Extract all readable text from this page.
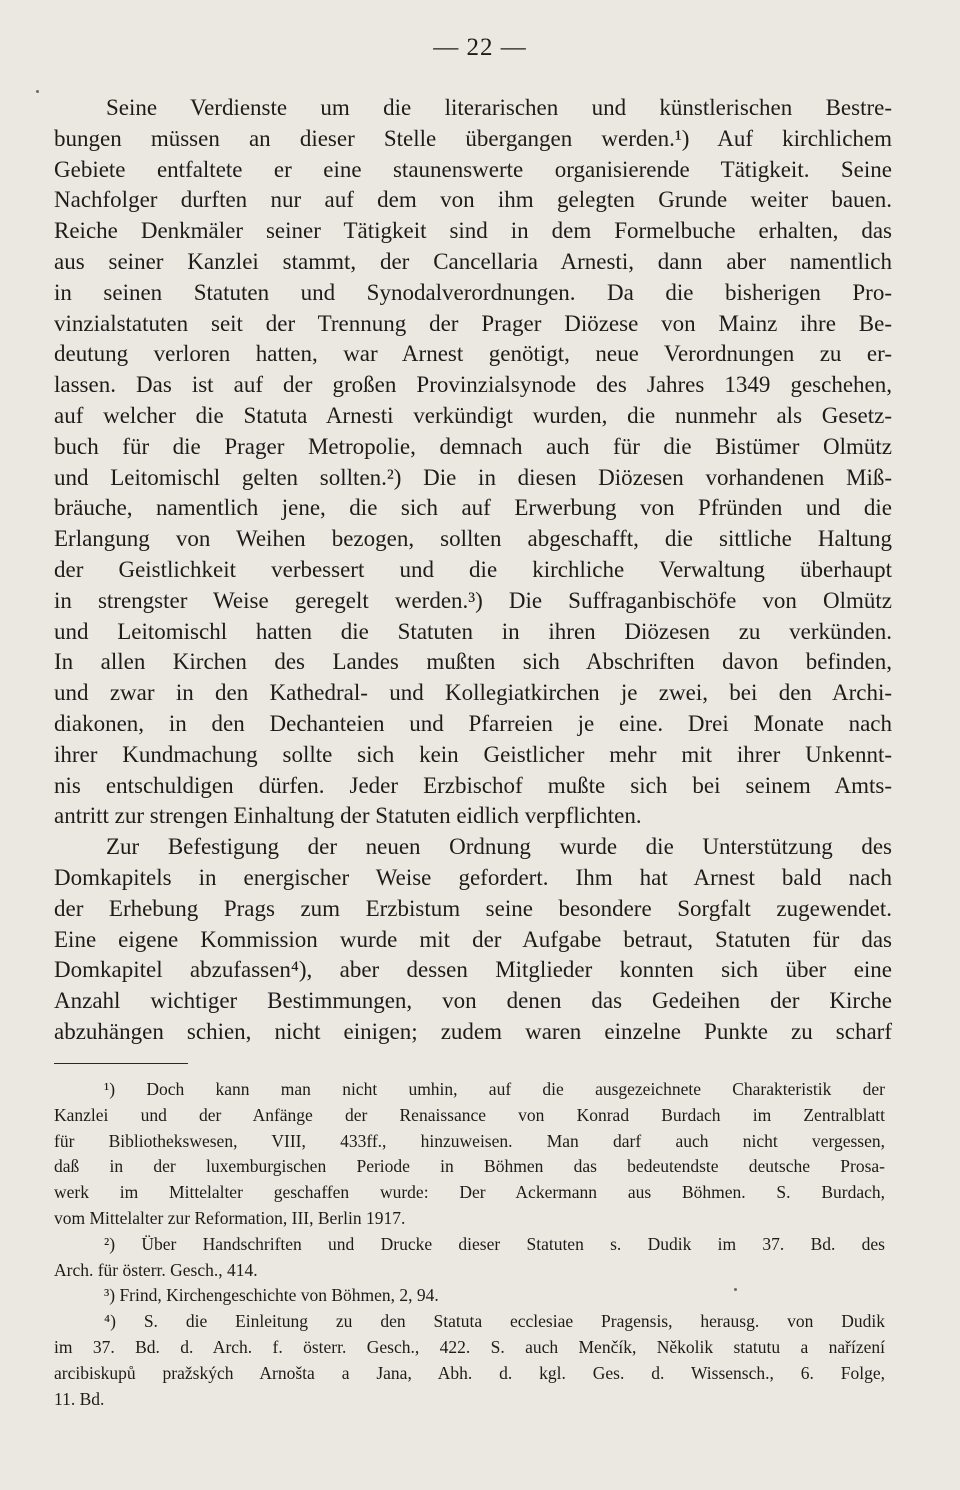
— 22 —
Seine Verdienste um die literarischen und künstlerischen Bestre-
bungen müssen an dieser Stelle übergangen werden.¹) Auf kirchlichem
Gebiete entfaltete er eine staunenswerte organisierende Tätigkeit. Seine
Nachfolger durften nur auf dem von ihm gelegten Grunde weiter bauen.
Reiche Denkmäler seiner Tätigkeit sind in dem Formelbuche erhalten, das
aus seiner Kanzlei stammt, der Cancellaria Arnesti, dann aber namentlich
in seinen Statuten und Synodalverordnungen. Da die bisherigen Pro-
vinzialstatuten seit der Trennung der Prager Diözese von Mainz ihre Be-
deutung verloren hatten, war Arnest genötigt, neue Verordnungen zu er-
lassen. Das ist auf der großen Provinzialsynode des Jahres 1349 geschehen,
auf welcher die Statuta Arnesti verkündigt wurden, die nunmehr als Gesetz-
buch für die Prager Metropolie, demnach auch für die Bistümer Olmütz
und Leitomischl gelten sollten.²) Die in diesen Diözesen vorhandenen Miß-
bräuche, namentlich jene, die sich auf Erwerbung von Pfründen und die
Erlangung von Weihen bezogen, sollten abgeschafft, die sittliche Haltung
der Geistlichkeit verbessert und die kirchliche Verwaltung überhaupt
in strengster Weise geregelt werden.³) Die Suffraganbischöfe von Olmütz
und Leitomischl hatten die Statuten in ihren Diözesen zu verkünden.
In allen Kirchen des Landes mußten sich Abschriften davon befinden,
und zwar in den Kathedral- und Kollegiatkirchen je zwei, bei den Archi-
diakonen, in den Dechanteien und Pfarreien je eine. Drei Monate nach
ihrer Kundmachung sollte sich kein Geistlicher mehr mit ihrer Unkennt-
nis entschuldigen dürfen. Jeder Erzbischof mußte sich bei seinem Amts-
antritt zur strengen Einhaltung der Statuten eidlich verpflichten.
Zur Befestigung der neuen Ordnung wurde die Unterstützung des
Domkapitels in energischer Weise gefordert. Ihm hat Arnest bald nach
der Erhebung Prags zum Erzbistum seine besondere Sorgfalt zugewendet.
Eine eigene Kommission wurde mit der Aufgabe betraut, Statuten für das
Domkapitel abzufassen⁴), aber dessen Mitglieder konnten sich über eine
Anzahl wichtiger Bestimmungen, von denen das Gedeihen der Kirche
abzuhängen schien, nicht einigen; zudem waren einzelne Punkte zu scharf
¹) Doch kann man nicht umhin, auf die ausgezeichnete Charakteristik der
Kanzlei und der Anfänge der Renaissance von Konrad Burdach im Zentralblatt
für Bibliothekswesen, VIII, 433ff., hinzuweisen. Man darf auch nicht vergessen,
daß in der luxemburgischen Periode in Böhmen das bedeutendste deutsche Prosa-
werk im Mittelalter geschaffen wurde: Der Ackermann aus Böhmen. S. Burdach,
vom Mittelalter zur Reformation, III, Berlin 1917.
²) Über Handschriften und Drucke dieser Statuten s. Dudik im 37. Bd. des
Arch. für österr. Gesch., 414.
³) Frind, Kirchengeschichte von Böhmen, 2, 94.
⁴) S. die Einleitung zu den Statuta ecclesiae Pragensis, herausg. von Dudik
im 37. Bd. d. Arch. f. österr. Gesch., 422. S. auch Menčík, Několik statutu a nařízení
arcibiskupů pražských Arnošta a Jana, Abh. d. kgl. Ges. d. Wissensch., 6. Folge,
11. Bd.
